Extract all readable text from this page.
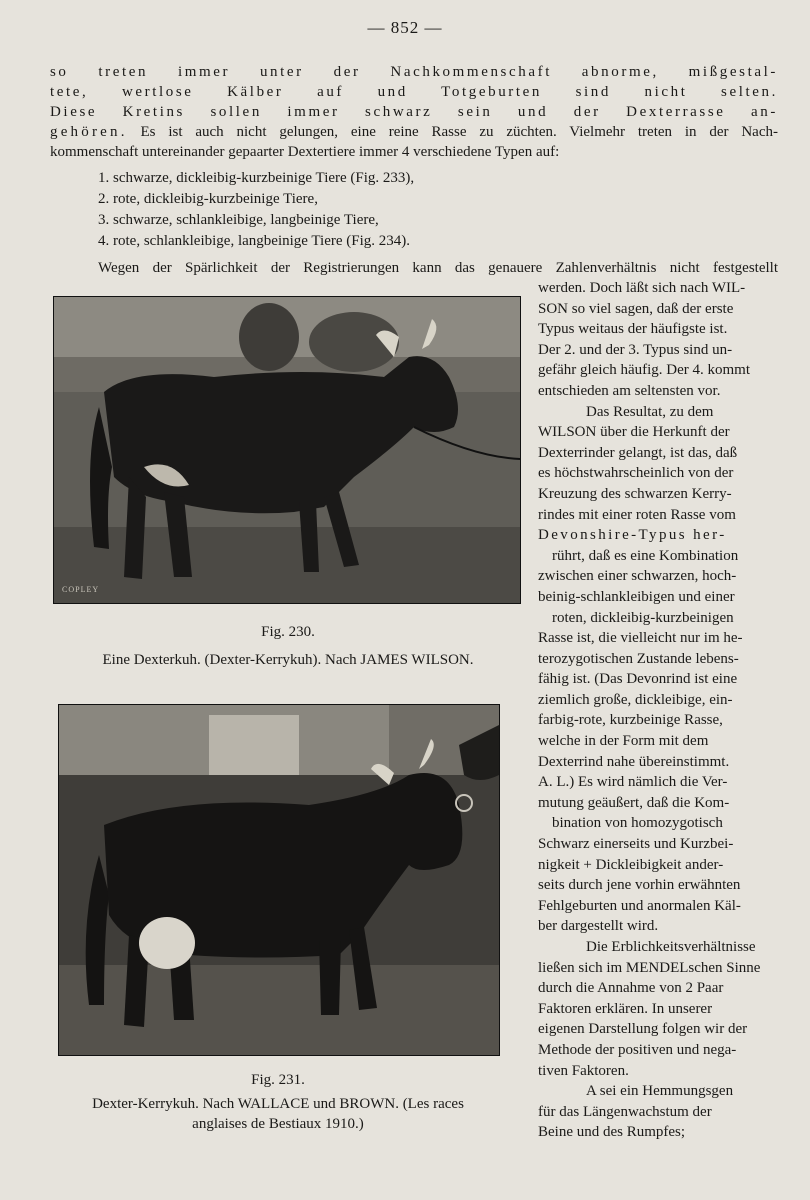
— 852 —
so treten immer unter der Nachkommenschaft abnorme, mißgestal-
tete, wertlose Kälber auf und Totgeburten sind nicht selten.
Diese Kretins sollen immer schwarz sein und der Dexterrasse an-
gehören. Es ist auch nicht gelungen, eine reine Rasse zu züchten. Vielmehr treten in der Nach-
kommenschaft untereinander gepaarter Dextertiere immer 4 verschiedene Typen auf:
1. schwarze, dickleibig-kurzbeinige Tiere (Fig. 233),
2. rote, dickleibig-kurzbeinige Tiere,
3. schwarze, schlankleibige, langbeinige Tiere,
4. rote, schlankleibige, langbeinige Tiere (Fig. 234).
Wegen der Spärlichkeit der Registrierungen kann das genauere Zahlenverhältnis nicht festgestellt
COPLEY
Fig. 230.
Eine Dexterkuh. (Dexter-Kerrykuh). Nach JAMES WILSON.
Fig. 231.
Dexter-Kerrykuh. Nach WALLACE und BROWN. (Les races
anglaises de Bestiaux 1910.)
werden. Doch läßt sich nach WIL-
SON so viel sagen, daß der erste
Typus weitaus der häufigste ist.
Der 2. und der 3. Typus sind un-
gefähr gleich häufig. Der 4. kommt
entschieden am seltensten vor.
Das Resultat, zu dem
WILSON über die Herkunft der
Dexterrinder gelangt, ist das, daß
es höchstwahrscheinlich von der
Kreuzung des schwarzen Kerry-
rindes mit einer roten Rasse vom
Devonshire-Typus her-
rührt, daß es eine Kombination
zwischen einer schwarzen, hoch-
beinig-schlankleibigen und einer
roten, dickleibig-kurzbeinigen
Rasse ist, die vielleicht nur im he-
terozygotischen Zustande lebens-
fähig ist. (Das Devonrind ist eine
ziemlich große, dickleibige, ein-
farbig-rote, kurzbeinige Rasse,
welche in der Form mit dem
Dexterrind nahe übereinstimmt.
A. L.) Es wird nämlich die Ver-
mutung geäußert, daß die Kom-
bination von homozygotisch
Schwarz einerseits und Kurzbei-
nigkeit + Dickleibigkeit ander-
seits durch jene vorhin erwähnten
Fehlgeburten und anormalen Käl-
ber dargestellt wird.
Die Erblichkeitsverhältnisse
ließen sich im MENDELschen Sinne
durch die Annahme von 2 Paar
Faktoren erklären. In unserer
eigenen Darstellung folgen wir der
Methode der positiven und nega-
tiven Faktoren.
A sei ein Hemmungsgen
für das Längenwachstum der
Beine und des Rumpfes;
